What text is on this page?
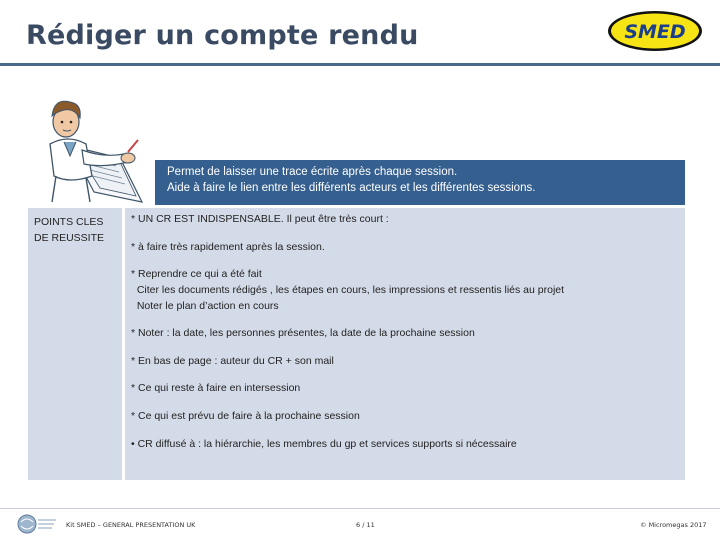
Rédiger un compte rendu	SMED
Permet de laisser une trace écrite après chaque session.
Aide à faire le lien entre les différents acteurs et les différentes sessions.
POINTS CLES
DE REUSSITE
* UN CR EST INDISPENSABLE. Il peut être très court :
* à faire très rapidement après la session.
* Reprendre ce qui a été fait
Citer les documents rédigés , les étapes en cours, les impressions et ressentis liés au projet
Noter le plan d’action en cours
* Noter : la date, les personnes présentes, la date de la prochaine session
* En bas de page : auteur du CR + son mail
* Ce qui reste à faire en intersession
* Ce qui est prévu de faire à la prochaine session
• CR diffusé à : la hiérarchie, les membres du gp et services supports si nécessaire
Kit SMED – GENERAL PRESENTATION UK	6 / 11	© Micromegas 2017
